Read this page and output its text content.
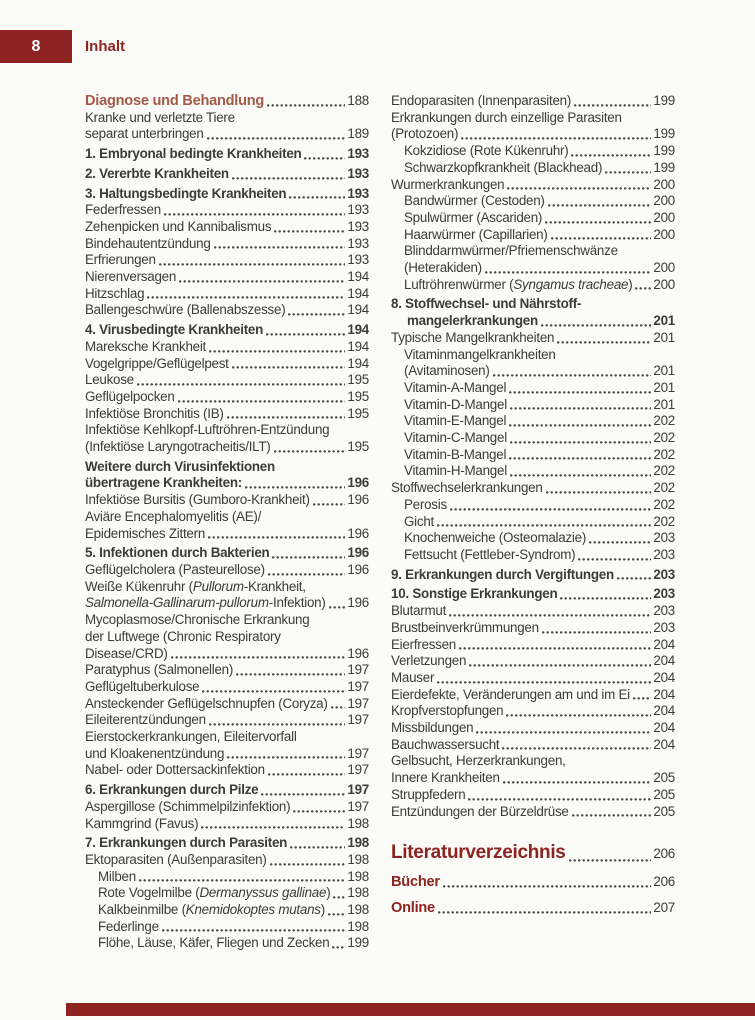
8	Inhalt
Diagnose und Behandlung	188
Kranke und verletzte Tiere
separat unterbringen	189
1. Embryonal bedingte Krankheiten	193
2. Vererbte Krankheiten	193
3. Haltungsbedingte Krankheiten	193
Federfressen	193
Zehenpicken und Kannibalismus	193
Bindehautentzündung	193
Erfrierungen	193
Nierenversagen	194
Hitzschlag	194
Ballengeschwüre (Ballenabszesse)	194
4. Virusbedingte Krankheiten	194
Mareksche Krankheit	194
Vogelgrippe/Geflügelpest	194
Leukose	195
Geflügelpocken	195
Infektiöse Bronchitis (IB)	195
Infektiöse Kehlkopf-Luftröhren-Entzündung
(Infektiöse Laryngotracheitis/ILT)	195
Weitere durch Virusinfektionen
übertragene Krankheiten:	196
Infektiöse Bursitis (Gumboro-Krankheit)	196
Aviäre Encephalomyelitis (AE)/
Epidemisches Zittern	196
5. Infektionen durch Bakterien	196
Geflügelcholera (Pasteurellose)	196
Weiße Kükenruhr (Pullorum-Krankheit,
Salmonella-Gallinarum-pullorum-Infektion) 196
Mycoplasmose/Chronische Erkrankung
der Luftwege (Chronic Respiratory
Disease/CRD)	196
Paratyphus (Salmonellen)	197
Geflügeltuberkulose	197
Ansteckender Geflügelschnupfen (Coryza) 197
Eileiterentzündungen	197
Eierstockerkrankungen, Eileitervorfall
und Kloakenentzündung	197
Nabel- oder Dottersackinfektion	197
6. Erkrankungen durch Pilze	197
Aspergillose (Schimmelpilzinfektion)	197
Kammgrind (Favus)	198
7. Erkrankungen durch Parasiten	198
Ektoparasiten (Außenparasiten)	198
Milben	198
Rote Vogelmilbe (Dermanyssus gallinae) 198
Kalkbeinmilbe (Knemidokoptes mutans) 198
Federlinge	198
Flöhe, Läuse, Käfer, Fliegen und Zecken 199
Endoparasiten (Innenparasiten)	199
Erkrankungen durch einzellige Parasiten
(Protozoen)	199
Kokzidiose (Rote Kükenruhr)	199
Schwarzkopfkrankheit (Blackhead)	199
Wurmerkrankungen	200
Bandwürmer (Cestoden)	200
Spulwürmer (Ascariden)	200
Haarwürmer (Capillarien)	200
Blinddarmwürmer/Pfriemenschwänze
(Heterakiden)	200
Luftröhrenwürmer (Syngamus tracheae) 200
8. Stoffwechsel- und Nährstoff-
mangelerkrankungen	201
Typische Mangelkrankheiten	201
Vitaminmangelkrankheiten
(Avitaminosen)	201
Vitamin-A-Mangel	201
Vitamin-D-Mangel	201
Vitamin-E-Mangel	202
Vitamin-C-Mangel	202
Vitamin-B-Mangel	202
Vitamin-H-Mangel	202
Stoffwechselerkrankungen	202
Perosis	202
Gicht	202
Knochenweiche (Osteomalazie)	203
Fettsucht (Fettleber-Syndrom)	203
9. Erkrankungen durch Vergiftungen	203
10. Sonstige Erkrankungen	203
Blutarmut	203
Brustbeinverkrümmungen	203
Eierfressen	204
Verletzungen	204
Mauser	204
Eierdefekte, Veränderungen am und im Ei 204
Kropfverstopfungen	204
Missbildungen	204
Bauchwassersucht	204
Gelbsucht, Herzerkrankungen,
Innere Krankheiten	205
Struppfedern	205
Entzündungen der Bürzeldrüse	205
Literaturverzeichnis	206
Bücher	206
Online	207
